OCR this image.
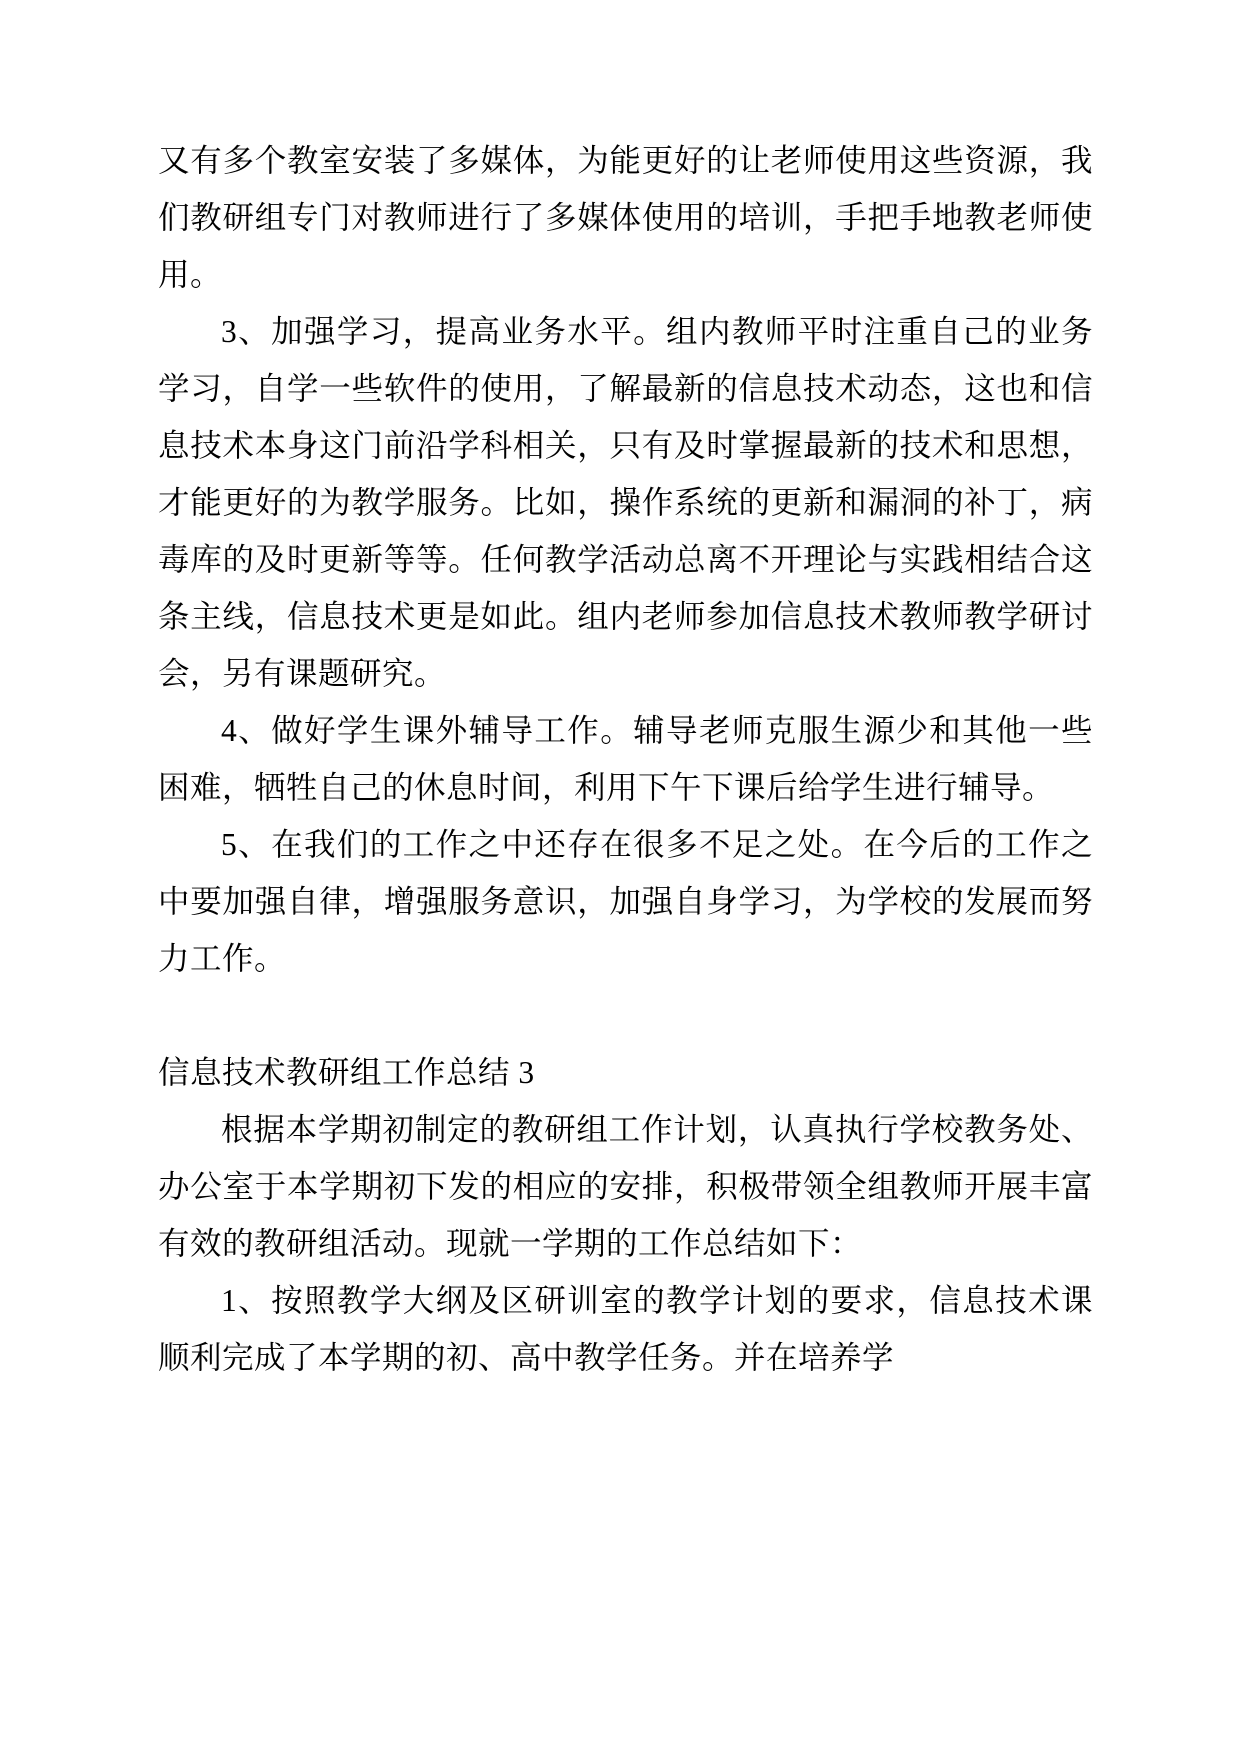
又有多个教室安装了多媒体，为能更好的让老师使用这些资源，我们教研组专门对教师进行了多媒体使用的培训，手把手地教老师使用。

3、加强学习，提高业务水平。组内教师平时注重自己的业务学习，自学一些软件的使用，了解最新的信息技术动态，这也和信息技术本身这门前沿学科相关，只有及时掌握最新的技术和思想，才能更好的为教学服务。比如，操作系统的更新和漏洞的补丁，病毒库的及时更新等等。任何教学活动总离不开理论与实践相结合这条主线，信息技术更是如此。组内老师参加信息技术教师教学研讨会，另有课题研究。

4、做好学生课外辅导工作。辅导老师克服生源少和其他一些困难，牺牲自己的休息时间，利用下午下课后给学生进行辅导。

5、在我们的工作之中还存在很多不足之处。在今后的工作之中要加强自律，增强服务意识，加强自身学习，为学校的发展而努力工作。

信息技术教研组工作总结 3

根据本学期初制定的教研组工作计划，认真执行学校教务处、办公室于本学期初下发的相应的安排，积极带领全组教师开展丰富有效的教研组活动。现就一学期的工作总结如下：

1、按照教学大纲及区研训室的教学计划的要求，信息技术课顺利完成了本学期的初、高中教学任务。并在培养学
